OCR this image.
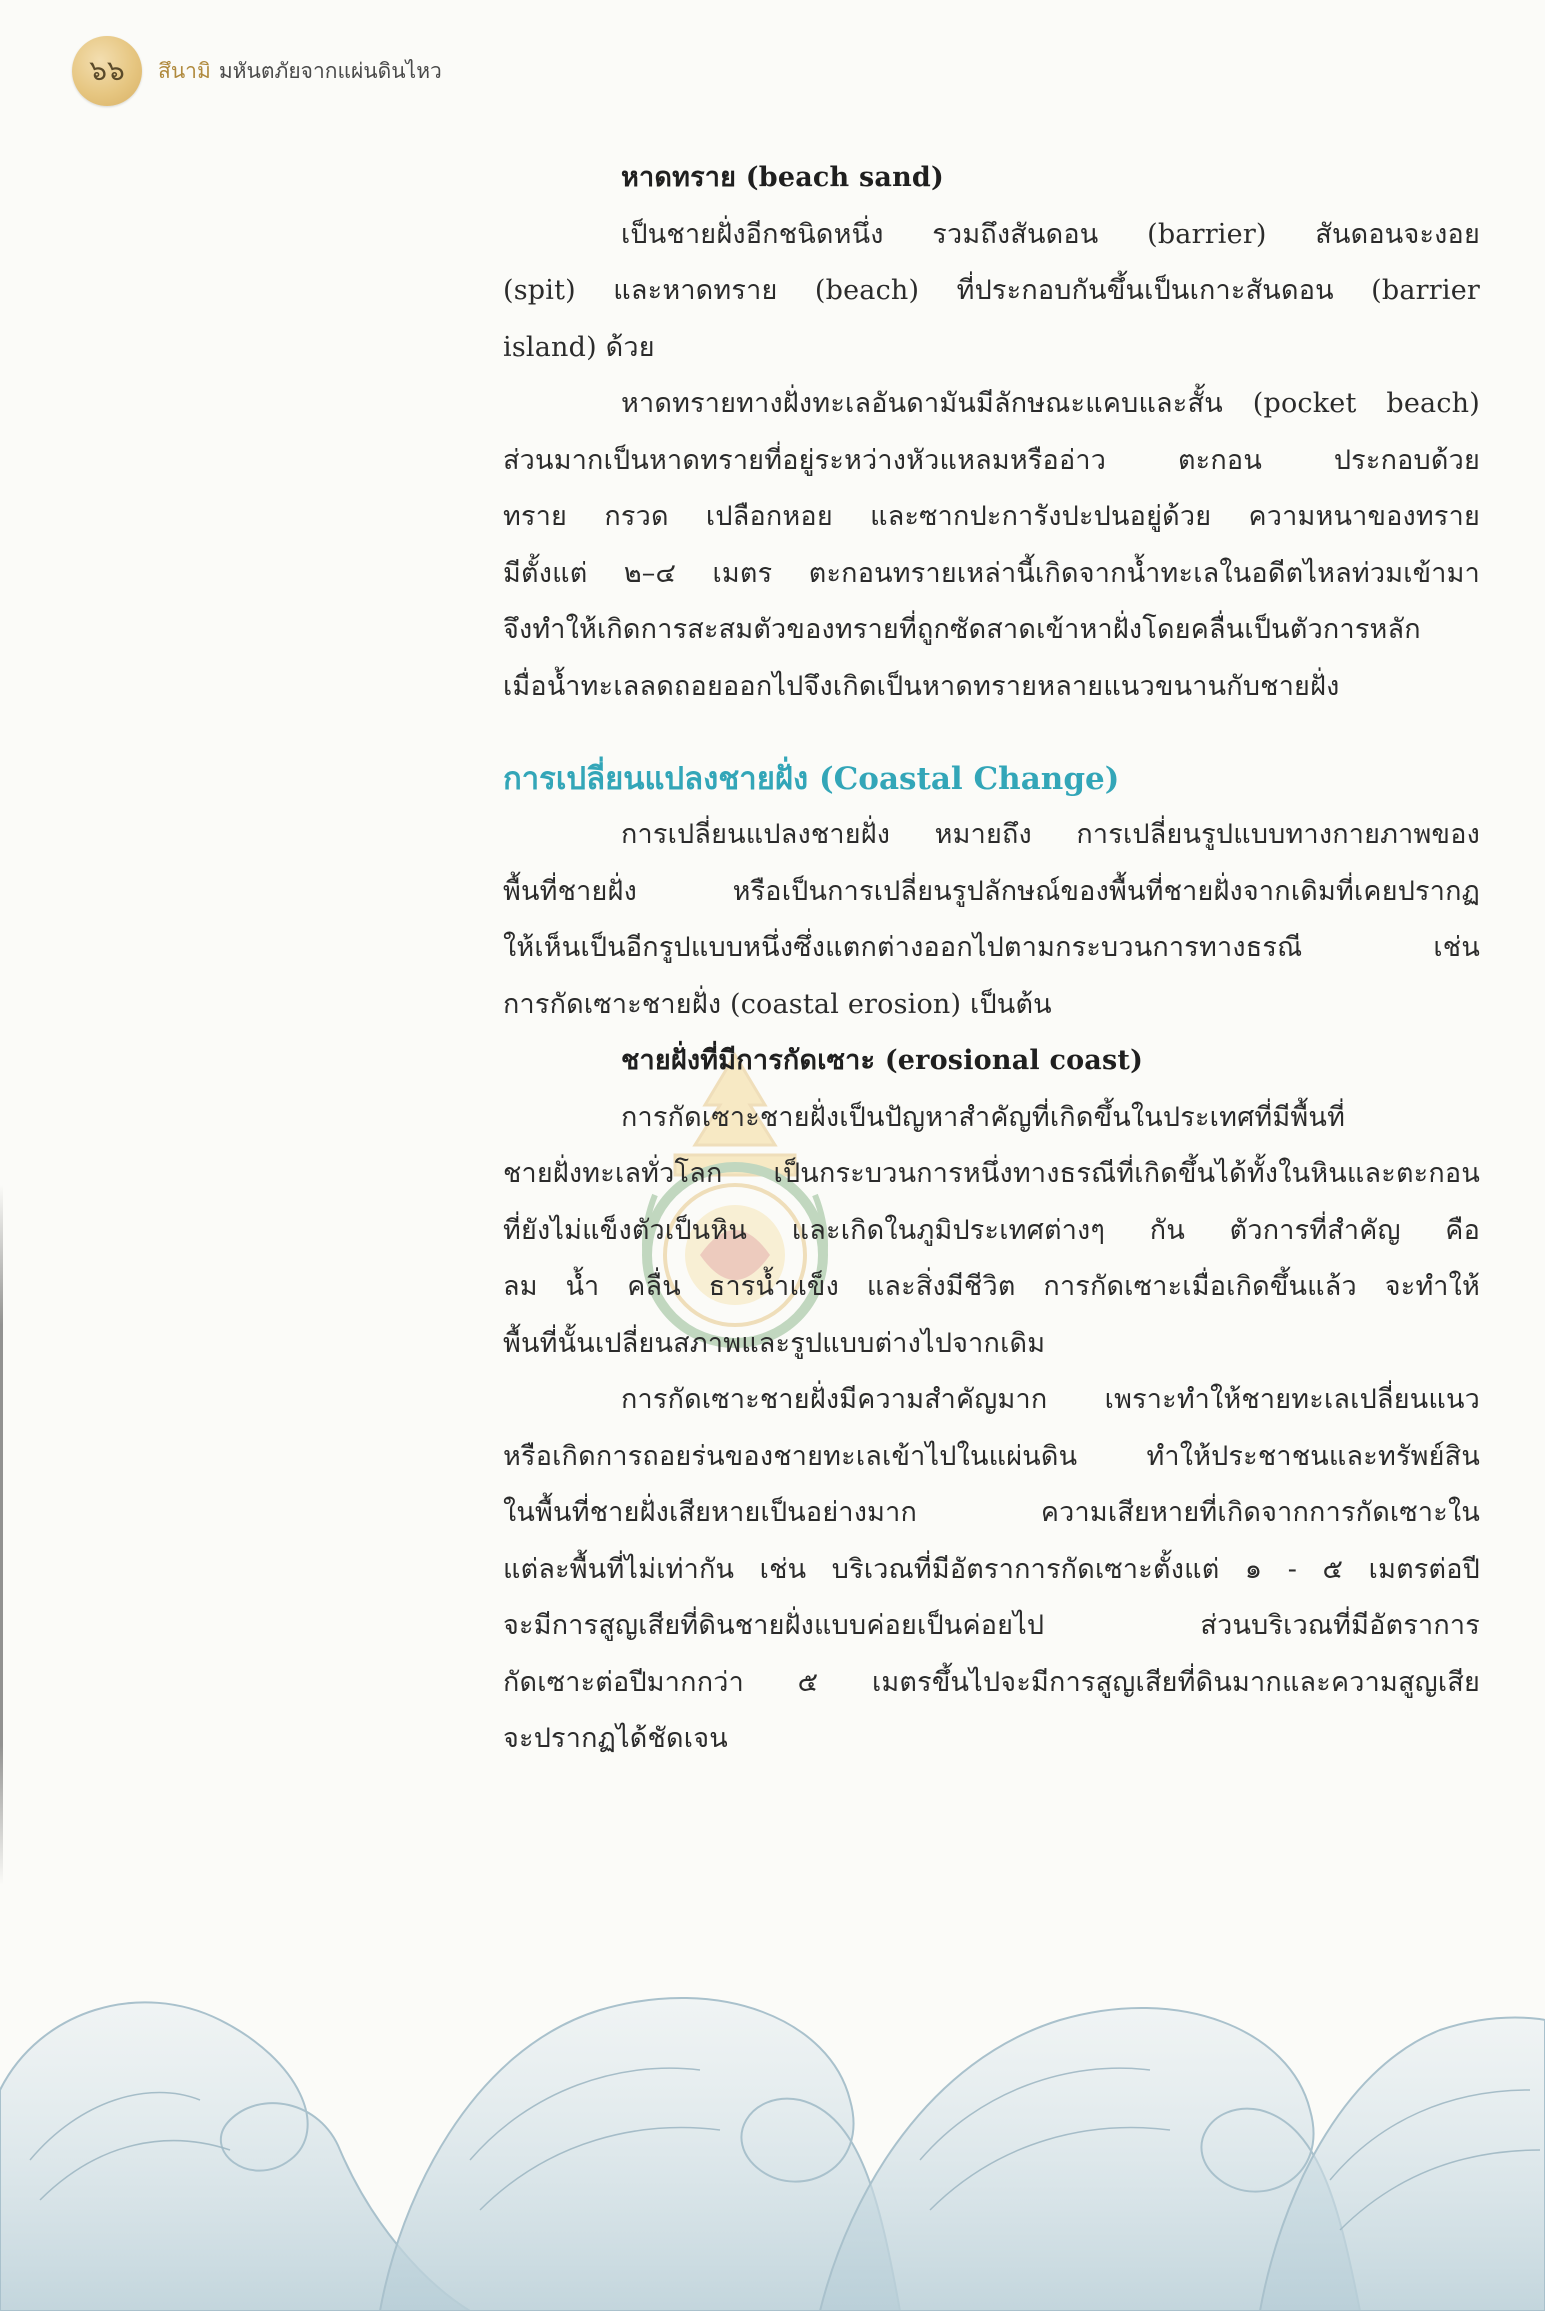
๖๖ สึนามิ มหันตภัยจากแผ่นดินไหว
หาดทราย (beach sand)
เป็นชายฝั่งอีกชนิดหนึ่ง รวมถึงสันดอน (barrier) สันดอนจะงอย
(spit) และหาดทราย (beach) ที่ประกอบกันขึ้นเป็นเกาะสันดอน (barrier
island) ด้วย
หาดทรายทางฝั่งทะเลอันดามันมีลักษณะแคบและสั้น (pocket beach)
ส่วนมากเป็นหาดทรายที่อยู่ระหว่างหัวแหลมหรืออ่าว ตะกอน ประกอบด้วย
ทราย กรวด เปลือกหอย และซากปะการังปะปนอยู่ด้วย ความหนาของทราย
มีตั้งแต่ ๒–๔ เมตร ตะกอนทรายเหล่านี้เกิดจากน้ำทะเลในอดีตไหลท่วมเข้ามา
จึงทำให้เกิดการสะสมตัวของทรายที่ถูกซัดสาดเข้าหาฝั่งโดยคลื่นเป็นตัวการหลัก
เมื่อน้ำทะเลลดถอยออกไปจึงเกิดเป็นหาดทรายหลายแนวขนานกับชายฝั่ง
การเปลี่ยนแปลงชายฝั่ง (Coastal Change)
การเปลี่ยนแปลงชายฝั่ง หมายถึง การเปลี่ยนรูปแบบทางกายภาพของ
พื้นที่ชายฝั่ง หรือเป็นการเปลี่ยนรูปลักษณ์ของพื้นที่ชายฝั่งจากเดิมที่เคยปรากฏ
ให้เห็นเป็นอีกรูปแบบหนึ่งซึ่งแตกต่างออกไปตามกระบวนการทางธรณี เช่น
การกัดเซาะชายฝั่ง (coastal erosion) เป็นต้น
ชายฝั่งที่มีการกัดเซาะ (erosional coast)
การกัดเซาะชายฝั่งเป็นปัญหาสำคัญที่เกิดขึ้นในประเทศที่มีพื้นที่
ชายฝั่งทะเลทั่วโลก เป็นกระบวนการหนึ่งทางธรณีที่เกิดขึ้นได้ทั้งในหินและตะกอน
ที่ยังไม่แข็งตัวเป็นหิน และเกิดในภูมิประเทศต่างๆ กัน ตัวการที่สำคัญ คือ
ลม น้ำ คลื่น ธารน้ำแข็ง และสิ่งมีชีวิต การกัดเซาะเมื่อเกิดขึ้นแล้ว จะทำให้
พื้นที่นั้นเปลี่ยนสภาพและรูปแบบต่างไปจากเดิม
การกัดเซาะชายฝั่งมีความสำคัญมาก เพราะทำให้ชายทะเลเปลี่ยนแนว
หรือเกิดการถอยร่นของชายทะเลเข้าไปในแผ่นดิน ทำให้ประชาชนและทรัพย์สิน
ในพื้นที่ชายฝั่งเสียหายเป็นอย่างมาก ความเสียหายที่เกิดจากการกัดเซาะใน
แต่ละพื้นที่ไม่เท่ากัน เช่น บริเวณที่มีอัตราการกัดเซาะตั้งแต่ ๑ - ๕ เมตรต่อปี
จะมีการสูญเสียที่ดินชายฝั่งแบบค่อยเป็นค่อยไป ส่วนบริเวณที่มีอัตราการ
กัดเซาะต่อปีมากกว่า ๕ เมตรขึ้นไปจะมีการสูญเสียที่ดินมากและความสูญเสีย
จะปรากฏได้ชัดเจน
